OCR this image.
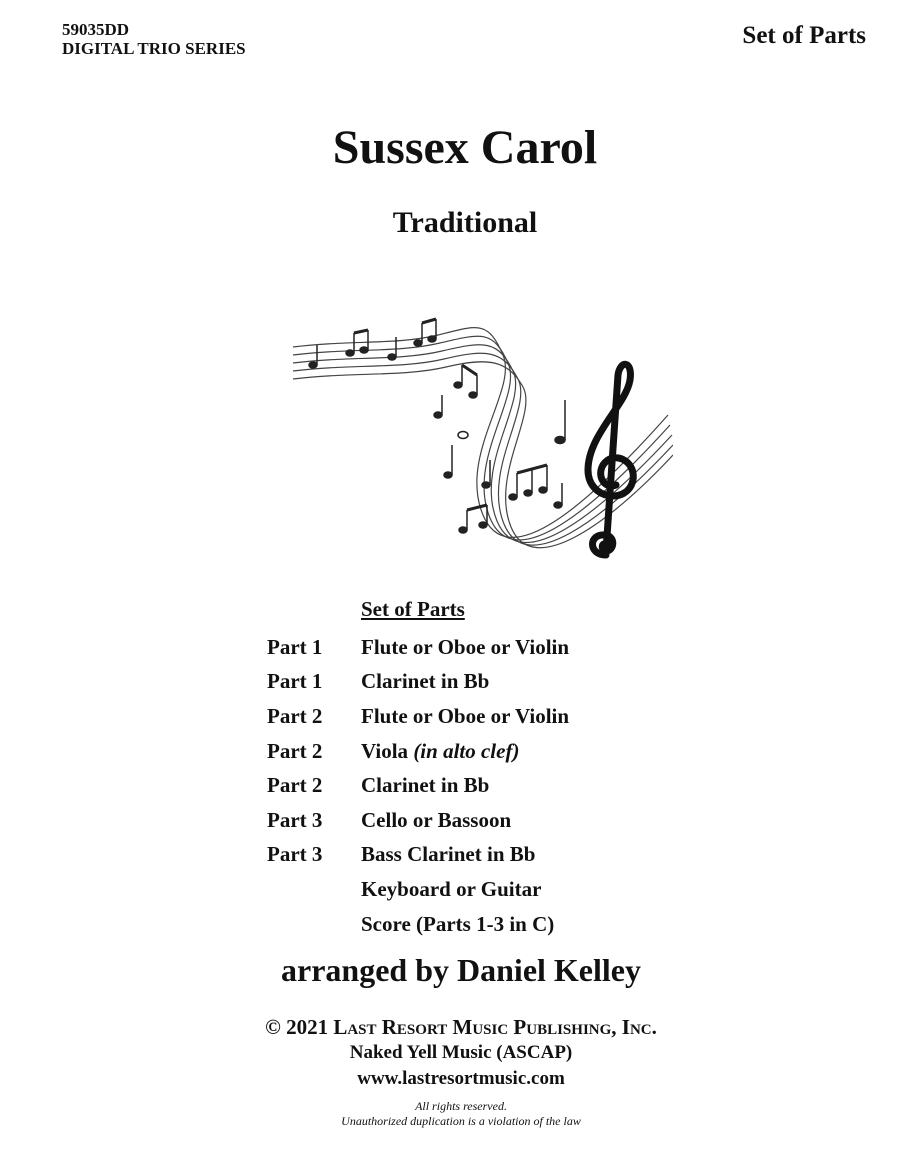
59035DD
DIGITAL TRIO SERIES	Set of Parts
Sussex Carol
Traditional
Set of Parts
Part 1	Flute or Oboe or Violin
Part 1	Clarinet in Bb
Part 2	Flute or Oboe or Violin
Part 2	Viola (in alto clef)
Part 2	Clarinet in Bb
Part 3	Cello or Bassoon
Part 3	Bass Clarinet in Bb
Keyboard or Guitar
Score (Parts 1-3 in C)
arranged by Daniel Kelley
© 2021 Last Resort Music Publishing, Inc.
Naked Yell Music (ASCAP)
www.lastresortmusic.com
All rights reserved.
Unauthorized duplication is a violation of the law
